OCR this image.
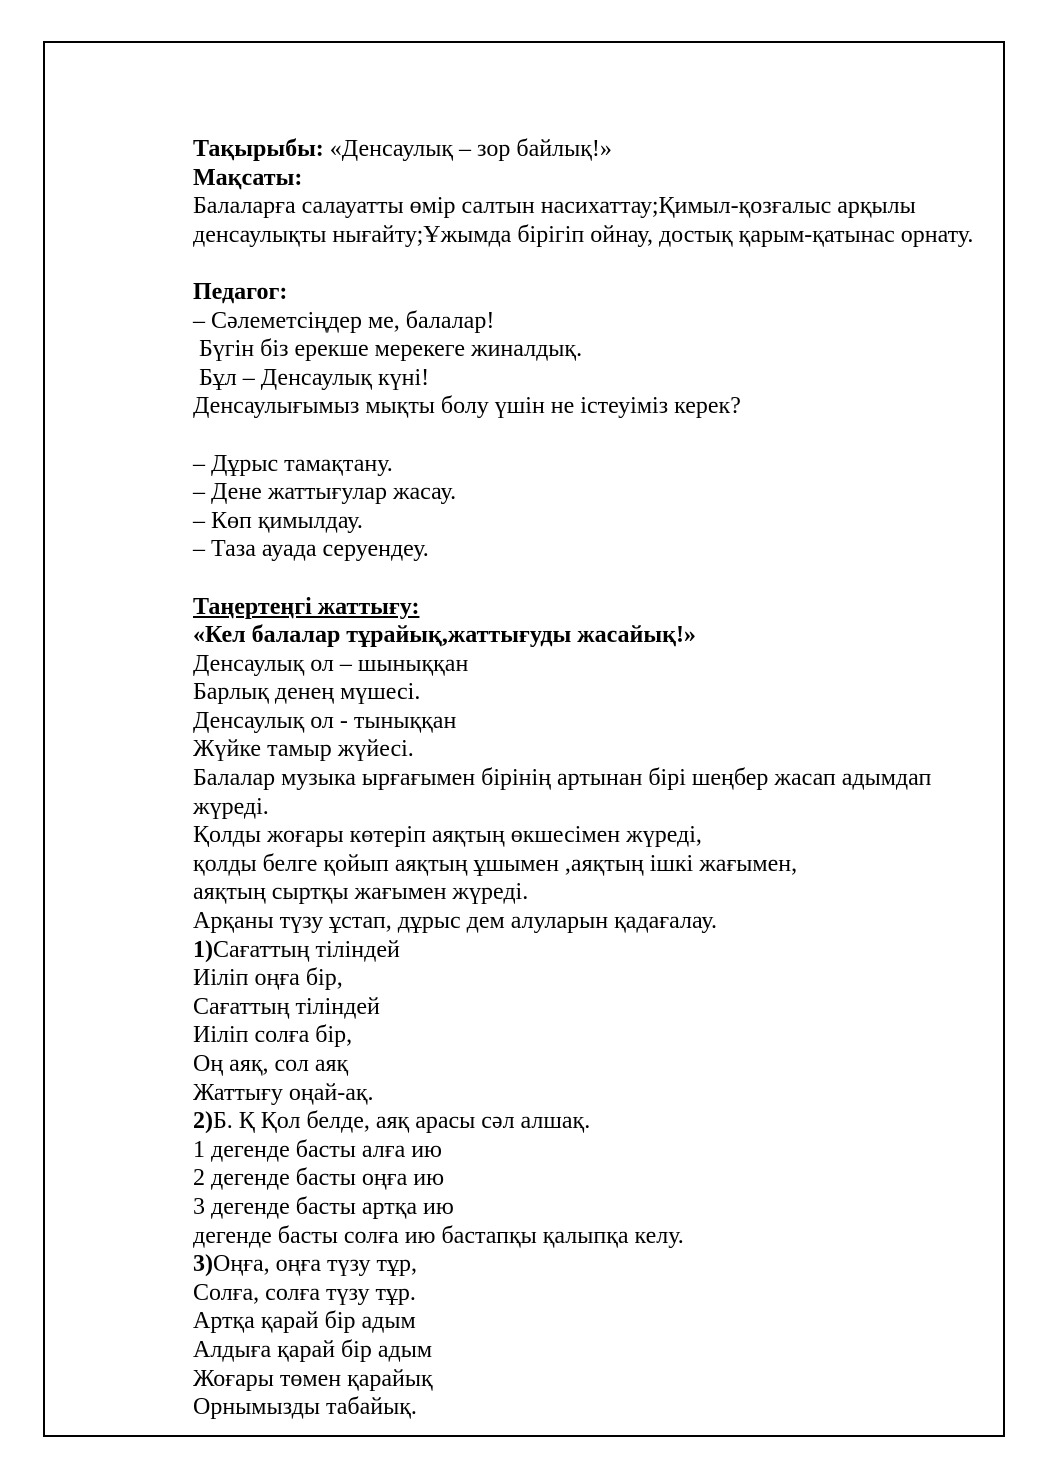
Тақырыбы: «Денсаулық – зор байлық!»
Мақсаты:
Балаларға салауатты өмір салтын насихаттау;Қимыл-қозғалыс арқылы
денсаулықты нығайту;Ұжымда бірігіп ойнау, достық қарым-қатынас орнату.

Педагог:
– Сәлеметсіңдер ме, балалар!
Бүгін біз ерекше мерекеге жиналдық.
Бұл – Денсаулық күні!
Денсаулығымыз мықты болу үшін не істеуіміз керек?

– Дұрыс тамақтану.
– Дене жаттығулар жасау.
– Көп қимылдау.
– Таза ауада серуендеу.

Таңертеңгі жаттығу:
«Кел балалар тұрайық,жаттығуды жасайық!»
Денсаулық ол – шыныққан
Барлық денең мүшесі.
Денсаулық ол - тыныққан
Жүйке тамыр жүйесі.
Балалар музыка ырғағымен бірінің артынан бірі шеңбер жасап адымдап
жүреді.
Қолды жоғары көтеріп аяқтың өкшесімен жүреді,
қолды белге қойып аяқтың ұшымен ,аяқтың ішкі жағымен,
аяқтың сыртқы жағымен жүреді.
Арқаны түзу ұстап, дұрыс дем алуларын қадағалау.
1)Сағаттың тіліндей
Иіліп оңға бір,
Сағаттың тіліндей
Иіліп солға бір,
Оң аяқ, сол аяқ
Жаттығу оңай-ақ.
2)Б. Қ Қол белде, аяқ арасы сәл алшақ.
1 дегенде басты алға ию
2 дегенде басты оңға ию
3 дегенде басты артқа ию
дегенде басты солға ию бастапқы қалыпқа келу.
3)Оңға, оңға түзу тұр,
Солға, солға түзу тұр.
Артқа қарай бір адым
Алдыға қарай бір адым
Жоғары төмен қарайық
Орнымызды табайық.
